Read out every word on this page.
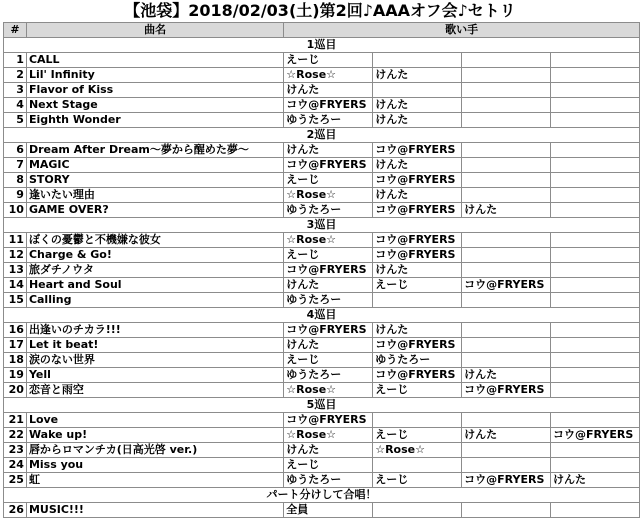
【池袋】2018/02/03(土)第2回♪AAAオフ会♪セトリ
#	曲名	歌い手			
1巡目					
1	CALL	えーじ			
2	Lil' Infinity	☆Rose☆	けんた		
3	Flavor of Kiss	けんた			
4	Next Stage	コウ@FRYERS	けんた		
5	Eighth Wonder	ゆうたろー	けんた		
2巡目					
6	Dream After Dream～夢から醒めた夢～	けんた	コウ@FRYERS		
7	MAGIC	コウ@FRYERS	けんた		
8	STORY	えーじ	コウ@FRYERS		
9	逢いたい理由	☆Rose☆	けんた		
10	GAME OVER?	ゆうたろー	コウ@FRYERS	けんた	
3巡目					
11	ぼくの憂鬱と不機嫌な彼女	☆Rose☆	コウ@FRYERS		
12	Charge & Go!	えーじ	コウ@FRYERS		
13	旅ダチノウタ	コウ@FRYERS	けんた		
14	Heart and Soul	けんた	えーじ	コウ@FRYERS	
15	Calling	ゆうたろー			
4巡目					
16	出逢いのチカラ!!!	コウ@FRYERS	けんた		
17	Let it beat!	けんた	コウ@FRYERS		
18	涙のない世界	えーじ	ゆうたろー		
19	Yell	ゆうたろー	コウ@FRYERS	けんた	
20	恋音と雨空	☆Rose☆	えーじ	コウ@FRYERS	
5巡目					
21	Love	コウ@FRYERS			
22	Wake up!	☆Rose☆	えーじ	けんた	コウ@FRYERS
23	唇からロマンチカ(日高光啓 ver.)	けんた	☆Rose☆		
24	Miss you	えーじ			
25	虹	ゆうたろー	えーじ	コウ@FRYERS	けんた
パート分けして合唱！					
26	MUSIC!!!	全員			
